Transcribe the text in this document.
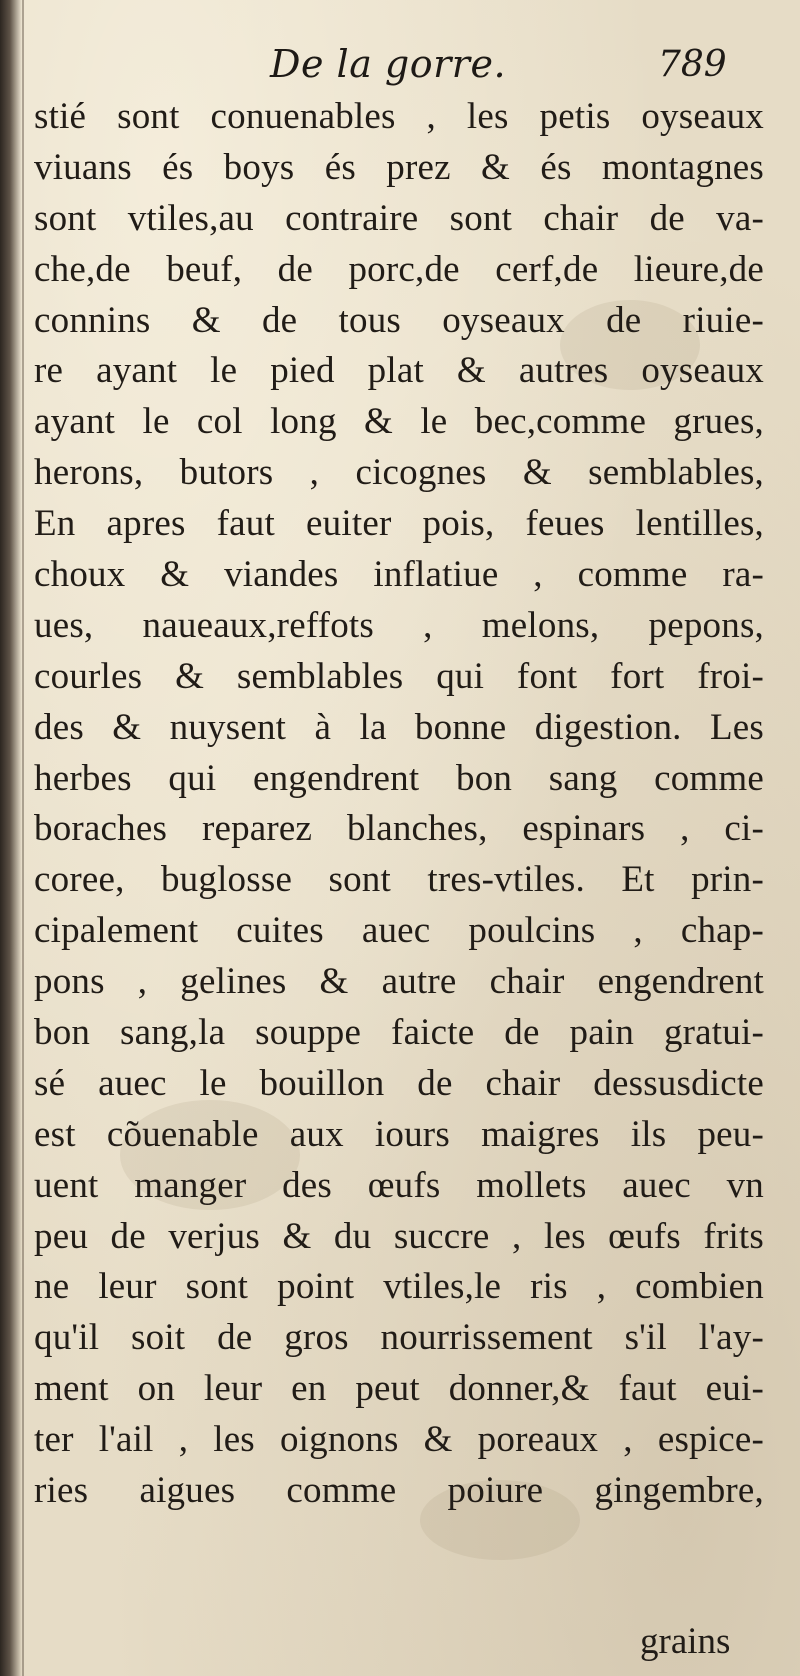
De la gorre.	789
stié sont conuenables , les petis oyseaux
viuans és boys és prez & és montagnes
sont vtiles,au contraire sont chair de va-
che,de beuf, de porc,de cerf,de lieure,de
connins & de tous oyseaux de riuie-
re ayant le pied plat & autres oyseaux
ayant le col long & le bec,comme grues,
herons, butors , cicognes & semblables,
En apres faut euiter pois, feues lentilles,
choux & viandes inflatiue , comme ra-
ues, naueaux,reffots , melons, pepons,
courles & semblables qui font fort froi-
des & nuysent à la bonne digestion. Les
herbes qui engendrent bon sang comme
boraches reparez blanches, espinars , ci-
coree, buglosse sont tres-vtiles. Et prin-
cipalement cuites auec poulcins , chap-
pons , gelines & autre chair engendrent
bon sang,la souppe faicte de pain gratui-
sé auec le bouillon de chair dessusdicte
est cõuenable aux iours maigres ils peu-
uent manger des œufs mollets auec vn
peu de verjus & du succre , les œufs frits
ne leur sont point vtiles,le ris , combien
qu'il soit de gros nourrissement s'il l'ay-
ment on leur en peut donner,& faut eui-
ter l'ail , les oignons & poreaux , espice-
ries aigues comme poiure gingembre,
grains
